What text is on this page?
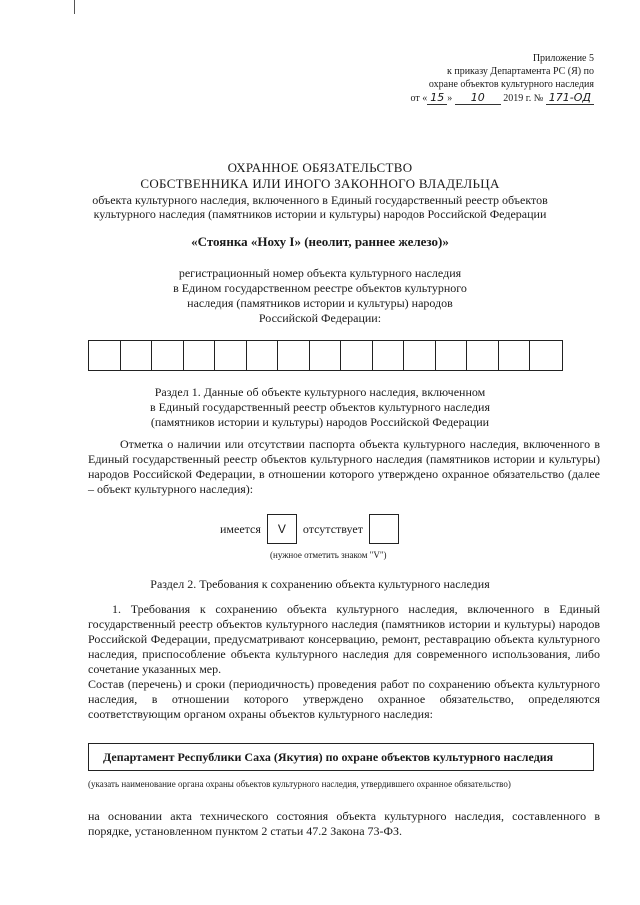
Приложение 5
к приказу Департамента РС (Я) по
охране объектов культурного наследия
от « 15 » 10 2019 г. № 171-ОД
ОХРАННОЕ ОБЯЗАТЕЛЬСТВО
СОБСТВЕННИКА ИЛИ ИНОГО ЗАКОННОГО ВЛАДЕЛЬЦА
объекта культурного наследия, включенного в Единый государственный реестр объектов
культурного наследия (памятников истории и культуры) народов Российской Федерации
«Стоянка «Ноху I» (неолит, раннее железо)»
регистрационный номер объекта культурного наследия
в Едином государственном реестре объектов культурного
наследия (памятников истории и культуры) народов
Российской Федерации:
Раздел 1. Данные об объекте культурного наследия, включенном
в Единый государственный реестр объектов культурного наследия
(памятников истории и культуры) народов Российской Федерации
Отметка о наличии или отсутствии паспорта объекта культурного наследия, включенного в Единый государственный реестр объектов культурного наследия (памятников истории и культуры) народов Российской Федерации, в отношении которого утверждено охранное обязательство (далее – объект культурного наследия):
имеется	V	отсутствует
(нужное отметить знаком "V")
Раздел 2. Требования к сохранению объекта культурного наследия
1. Требования к сохранению объекта культурного наследия, включенного в Единый государственный реестр объектов культурного наследия (памятников истории и культуры) народов Российской Федерации, предусматривают консервацию, ремонт, реставрацию объекта культурного наследия, приспособление объекта культурного наследия для современного использования, либо сочетание указанных мер.
Состав (перечень) и сроки (периодичность) проведения работ по сохранению объекта культурного наследия, в отношении которого утверждено охранное обязательство, определяются соответствующим органом охраны объектов культурного наследия:
Департамент Республики Саха (Якутия) по охране объектов культурного наследия
(указать наименование органа охраны объектов культурного наследия, утвердившего охранное обязательство)
на основании акта технического состояния объекта культурного наследия, составленного в порядке, установленном пунктом 2 статьи 47.2 Закона 73-ФЗ.
